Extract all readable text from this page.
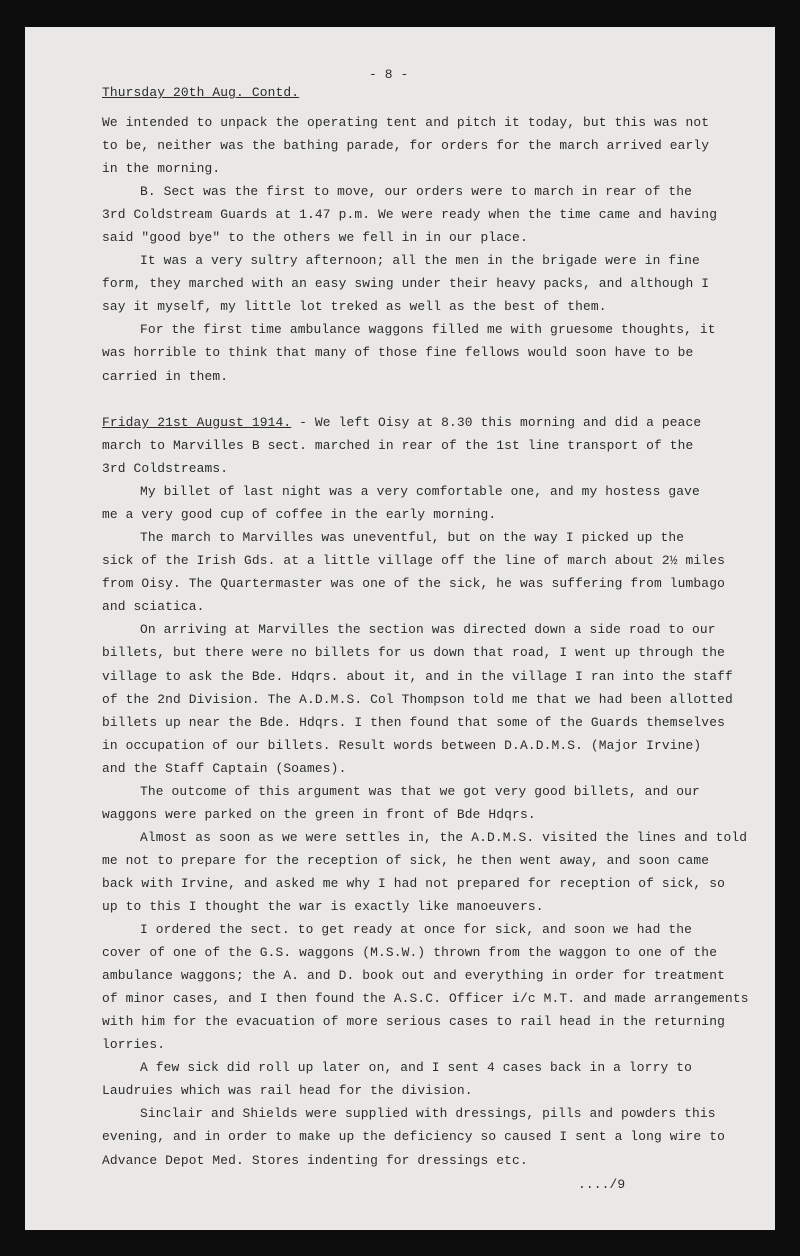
- 8 -
Thursday 20th Aug. Contd.

We intended to unpack the operating tent and pitch it today, but this was not
to be, neither was the bathing parade, for orders for the march arrived early
in the morning.

B. Sect was the first to move, our orders were to march in rear of the
3rd Coldstream Guards at 1.47 p.m. We were ready when the time came and having
said "good bye" to the others we fell in in our place.

It was a very sultry afternoon; all the men in the brigade were in fine
form, they marched with an easy swing under their heavy packs, and although I
say it myself, my little lot treked as well as the best of them.

For the first time ambulance waggons filled me with gruesome thoughts, it
was horrible to think that many of those fine fellows would soon have to be
carried in them.

Friday 21st August 1914. - We left Oisy at 8.30 this morning and did a peace
march to Marvilles B sect. marched in rear of the 1st line transport of the
3rd Coldstreams.

My billet of last night was a very comfortable one, and my hostess gave
me a very good cup of coffee in the early morning.

The march to Marvilles was uneventful, but on the way I picked up the
sick of the Irish Gds. at a little village off the line of march about 2½ miles
from Oisy. The Quartermaster was one of the sick, he was suffering from lumbago
and sciatica.

On arriving at Marvilles the section was directed down a side road to our
billets, but there were no billets for us down that road, I went up through the
village to ask the Bde. Hdqrs. about it, and in the village I ran into the staff
of the 2nd Division. The A.D.M.S. Col Thompson told me that we had been allotted
billets up near the Bde. Hdqrs. I then found that some of the Guards themselves
in occupation of our billets. Result words between D.A.D.M.S. (Major Irvine)
and the Staff Captain (Soames).

The outcome of this argument was that we got very good billets, and our
waggons were parked on the green in front of Bde Hdqrs.

Almost as soon as we were settles in, the A.D.M.S. visited the lines and told
me not to prepare for the reception of sick, he then went away, and soon came
back with Irvine, and asked me why I had not prepared for reception of sick, so
up to this I thought the war is exactly like manoeuvers.

I ordered the sect. to get ready at once for sick, and soon we had the
cover of one of the G.S. waggons (M.S.W.) thrown from the waggon to one of the
ambulance waggons; the A. and D. book out and everything in order for treatment
of minor cases, and I then found the A.S.C. Officer i/c M.T. and made arrangements
with him for the evacuation of more serious cases to rail head in the returning
lorries.

A few sick did roll up later on, and I sent 4 cases back in a lorry to
Laudruies which was rail head for the division.

Sinclair and Shields were supplied with dressings, pills and powders this
evening, and in order to make up the deficiency so caused I sent a long wire to
Advance Depot Med. Stores indenting for dressings etc.

..../9
